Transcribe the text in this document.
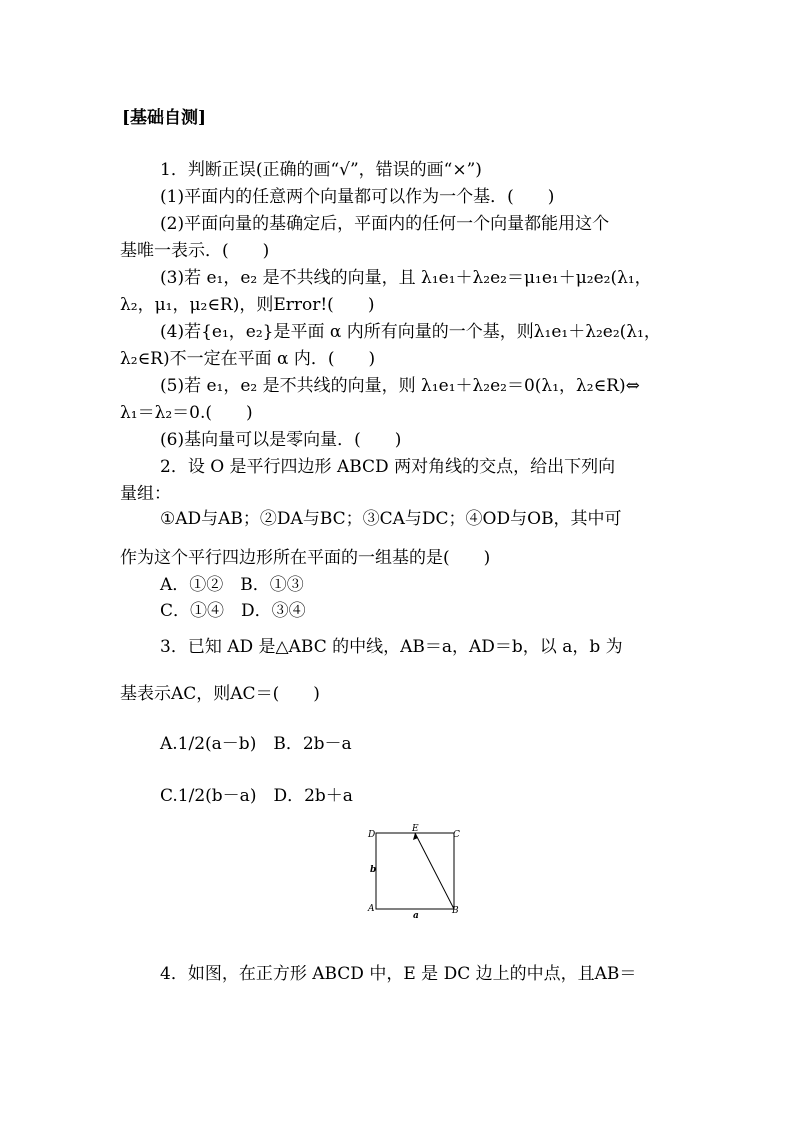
[基础自测]
1．判断正误(正确的画“√”，错误的画“×”)
(1)平面内的任意两个向量都可以作为一个基．(　　)
(2)平面向量的基确定后，平面内的任何一个向量都能用这个
基唯一表示．(　　)
(3)若 e₁，e₂ 是不共线的向量，且 λ₁e₁＋λ₂e₂＝μ₁e₁＋μ₂e₂(λ₁，
λ₂，μ₁，μ₂∈R)，则Error!(　　)
(4)若{e₁，e₂}是平面 α 内所有向量的一个基，则λ₁e₁＋λ₂e₂(λ₁，
λ₂∈R)不一定在平面 α 内．(　　)
(5)若 e₁，e₂ 是不共线的向量，则 λ₁e₁＋λ₂e₂＝0(λ₁，λ₂∈R)⇔
λ₁＝λ₂＝0.(　　)
(6)基向量可以是零向量．(　　)
2．设 O 是平行四边形 ABCD 两对角线的交点，给出下列向
量组：
①AD与AB；②DA与BC；③CA与DC；④OD与OB，其中可
作为这个平行四边形所在平面的一组基的是(　　)
A．①②　B．①③
C．①④　D．③④
3．已知 AD 是△ABC 的中线，AB＝a，AD＝b，以 a，b 为
基表示AC，则AC＝(　　)
A.1/2(a－b)　B．2b－a
C.1/2(b－a)　D．2b＋a
D
E
C
A	B
a
b
4．如图，在正方形 ABCD 中，E 是 DC 边上的中点，且AB＝
